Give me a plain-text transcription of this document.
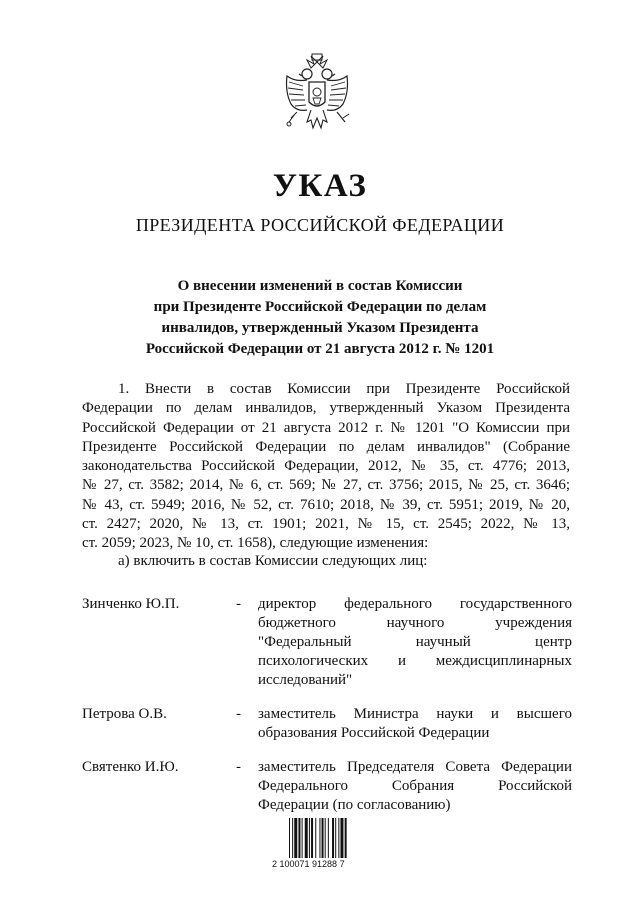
УКАЗ
ПРЕЗИДЕНТА РОССИЙСКОЙ ФЕДЕРАЦИИ
О внесении изменений в состав Комиссии
при Президенте Российской Федерации по делам
инвалидов, утвержденный Указом Президента
Российской Федерации от 21 августа 2012 г. № 1201
1. Внести в состав Комиссии при Президенте Российской
Федерации по делам инвалидов, утвержденный Указом Президента
Российской Федерации от 21 августа 2012 г. № 1201 "О Комиссии при
Президенте Российской Федерации по делам инвалидов" (Собрание
законодательства Российской Федерации, 2012, № 35, ст. 4776; 2013,
№ 27, ст. 3582; 2014, № 6, ст. 569; № 27, ст. 3756; 2015, № 25, ст. 3646;
№ 43, ст. 5949; 2016, № 52, ст. 7610; 2018, № 39, ст. 5951; 2019, № 20,
ст. 2427; 2020, № 13, ст. 1901; 2021, № 15, ст. 2545; 2022, № 13,
ст. 2059; 2023, № 10, ст. 1658), следующие изменения:
а) включить в состав Комиссии следующих лиц:
Зинченко Ю.П.	- директор федерального государственного
бюджетного научного учреждения
"Федеральный научный центр
психологических и междисциплинарных
исследований"
Петрова О.В.	- заместитель Министра науки и высшего
образования Российской Федерации
Святенко И.Ю.	- заместитель Председателя Совета Федерации
Федерального Собрания Российской
Федерации (по согласованию)
2 100071 91288 7
